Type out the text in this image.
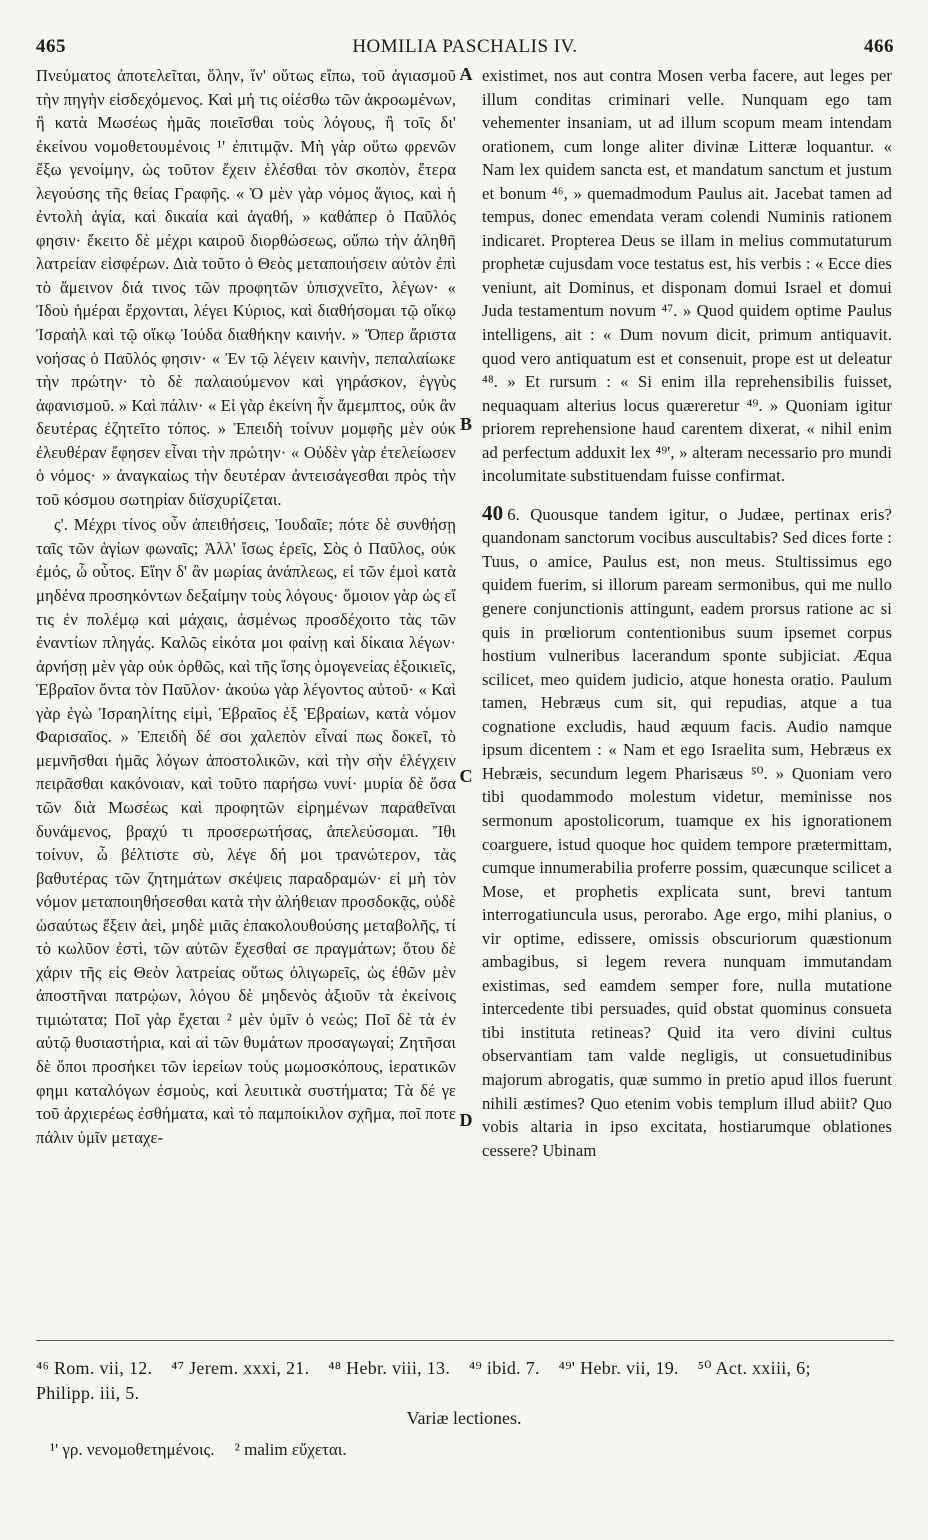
465	HOMILIA PASCHALIS IV.	466

Πνεύματος ἀποτελεῖται, ὅλην, ἵν' οὕτως εἴπω, τοῦ ἁγιασμοῦ τὴν πηγὴν εἰσδεχόμενος. Καὶ μή τις οἰέσθω τῶν ἀκροωμένων, ἢ κατὰ Μωσέως ἡμᾶς ποιεῖσθαι τοὺς λόγους, ἢ τοῖς δι' ἐκείνου νομοθετουμένοις ¹' ἐπιτιμᾷν. Μὴ γὰρ οὕτω φρενῶν ἔξω γενοίμην, ὡς τοῦτον ἔχειν ἑλέσθαι τὸν σκοπὸν, ἕτερα λεγούσης τῆς θείας Γραφῆς. « Ὁ μὲν γὰρ νόμος ἅγιος, καὶ ἡ ἐντολὴ ἁγία, καὶ δικαία καὶ ἀγαθή, » καθάπερ ὁ Παῦλός φησιν· ἔκειτο δὲ μέχρι καιροῦ διορθώσεως, οὔπω τὴν ἀληθῆ λατρείαν εἰσφέρων. Διὰ τοῦτο ὁ Θεὸς μεταποιήσειν αὐτὸν ἐπὶ τὸ ἄμεινον διά τινος τῶν προφητῶν ὑπισχνεῖτο, λέγων· « Ἰδοὺ ἡμέραι ἔρχονται, λέγει Κύριος, καὶ διαθήσομαι τῷ οἴκῳ Ἰσραὴλ καὶ τῷ οἴκῳ Ἰούδα διαθήκην καινήν. » Ὅπερ ἄριστα νοήσας ὁ Παῦλός φησιν· « Ἐν τῷ λέγειν καινὴν, πεπαλαίωκε τὴν πρώτην· τὸ δὲ παλαιούμενον καὶ γηράσκον, ἐγγὺς ἀφανισμοῦ. » Καὶ πάλιν· « Εἰ γὰρ ἐκείνη ἦν ἄμεμπτος, οὐκ ἂν δευτέρας ἐζητεῖτο τόπος. » Ἐπειδὴ τοίνυν μομφῆς μὲν οὐκ ἐλευθέραν ἔφησεν εἶναι τὴν πρώτην· « Οὐδὲν γὰρ ἐτελείωσεν ὁ νόμος· » ἀναγκαίως τὴν δευτέραν ἀντεισάγεσθαι πρὸς τὴν τοῦ κόσμου σωτηρίαν διϊσχυρίζεται.

ς'. Μέχρι τίνος οὖν ἀπειθήσεις, Ἰουδαῖε; πότε δὲ συνθήσῃ ταῖς τῶν ἁγίων φωναῖς; Ἀλλ' ἴσως ἐρεῖς, Σὸς ὁ Παῦλος, οὐκ ἐμός, ὦ οὗτος. Εἴην δ' ἂν μωρίας ἀνάπλεως, εἰ τῶν ἐμοὶ κατὰ μηδένα προσηκόντων δεξαίμην τοὺς λόγους· ὅμοιον γὰρ ὡς εἴ τις ἐν πολέμῳ καὶ μάχαις, ἀσμένως προσδέχοιτο τὰς τῶν ἐναντίων πληγάς. Καλῶς εἰκότα μοι φαίνῃ καὶ δίκαια λέγων· ἀρνήσῃ μὲν γὰρ οὐκ ὀρθῶς, καὶ τῆς ἴσης ὁμογενείας ἐξοικιεῖς, Ἑβραῖον ὄντα τὸν Παῦλον· ἀκούω γὰρ λέγοντος αὐτοῦ· « Καὶ γὰρ ἐγὼ Ἰσραηλίτης εἰμὶ, Ἑβραῖος ἐξ Ἑβραίων, κατὰ νόμον Φαρισαῖος. » Ἐπειδὴ δέ σοι χαλεπὸν εἶναί πως δοκεῖ, τὸ μεμνῆσθαι ἡμᾶς λόγων ἀποστολικῶν, καὶ τὴν σὴν ἐλέγχειν πειρᾶσθαι κακόνοιαν, καὶ τοῦτο παρήσω νυνί· μυρία δὲ ὅσα τῶν διὰ Μωσέως καὶ προφητῶν εἰρημένων παραθεῖναι δυνάμενος, βραχύ τι προσερωτήσας, ἀπελεύσομαι. Ἴθι τοίνυν, ὦ βέλτιστε σὺ, λέγε δή μοι τρανώτερον, τὰς βαθυτέρας τῶν ζητημάτων σκέψεις παραδραμών· εἰ μὴ τὸν νόμον μεταποιηθήσεσθαι κατὰ τὴν ἀλήθειαν προσδοκᾷς, οὐδὲ ὡσαύτως ἕξειν ἀεὶ, μηδὲ μιᾶς ἐπακολουθούσης μεταβολῆς, τί τὸ κωλῦον ἐστὶ, τῶν αὐτῶν ἔχεσθαί σε πραγμάτων; ὅτου δὲ χάριν τῆς εἰς Θεὸν λατρείας οὕτως ὀλιγωρεῖς, ὡς ἐθῶν μὲν ἀποστῆναι πατρῴων, λόγου δὲ μηδενὸς ἀξιοῦν τὰ ἐκείνοις τιμιώτατα; Ποῖ γὰρ ἔχεται ² μὲν ὑμῖν ὁ νεώς; Ποῖ δὲ τὰ ἐν αὐτῷ θυσιαστήρια, καὶ αἱ τῶν θυμάτων προσαγωγαί; Ζητῆσαι δὲ ὅποι προσήκει τῶν ἱερείων τοὺς μωμοσκόπους, ἱερατικῶν φημι καταλόγων ἐσμοὺς, καὶ λευιτικὰ συστήματα; Τὰ δέ γε τοῦ ἀρχιερέως ἐσθήματα, καὶ τὸ παμποίκιλον σχῆμα, ποῖ ποτε πάλιν ὑμῖν μεταχε-

A
B
C
D

existimet, nos aut contra Mosen verba facere, aut leges per illum conditas criminari velle. Nunquam ego tam vehementer insaniam, ut ad illum scopum meam intendam orationem, cum longe aliter divinæ Litteræ loquantur. « Nam lex quidem sancta est, et mandatum sanctum et justum et bonum ⁴⁶, » quemadmodum Paulus ait. Jacebat tamen ad tempus, donec emendata veram colendi Numinis rationem indicaret. Propterea Deus se illam in melius commutaturum prophetæ cujusdam voce testatus est, his verbis : « Ecce dies veniunt, ait Dominus, et disponam domui Israel et domui Juda testamentum novum ⁴⁷. » Quod quidem optime Paulus intelligens, ait : « Dum novum dicit, primum antiquavit. quod vero antiquatum est et consenuit, prope est ut deleatur ⁴⁸. » Et rursum : « Si enim illa reprehensibilis fuisset, nequaquam alterius locus quæreretur ⁴⁹. » Quoniam igitur priorem reprehensione haud carentem dixerat, « nihil enim ad perfectum adduxit lex ⁴⁹', » alteram necessario pro mundi incolumitate substituendam fuisse confirmat.

40 6. Quousque tandem igitur, o Judæe, pertinax eris? quandonam sanctorum vocibus auscultabis? Sed dices forte : Tuus, o amice, Paulus est, non meus. Stultissimus ego quidem fuerim, si illorum paream sermonibus, qui me nullo genere conjunctionis attingunt, eadem prorsus ratione ac si quis in prœliorum contentionibus suum ipsemet corpus hostium vulneribus lacerandum sponte subjiciat. Æqua scilicet, meo quidem judicio, atque honesta oratio. Paulum tamen, Hebræus cum sit, qui repudias, atque a tua cognatione excludis, haud æquum facis. Audio namque ipsum dicentem : « Nam et ego Israelita sum, Hebræus ex Hebræis, secundum legem Pharisæus ⁵⁰. » Quoniam vero tibi quodammodo molestum videtur, meminisse nos sermonum apostolicorum, tuamque ex his ignorationem coarguere, istud quoque hoc quidem tempore prætermittam, cumque innumerabilia proferre possim, quæcunque scilicet a Mose, et prophetis explicata sunt, brevi tantum interrogatiuncula usus, perorabo. Age ergo, mihi planius, o vir optime, edissere, omissis obscuriorum quæstionum ambagibus, si legem revera nunquam immutandam existimas, sed eamdem semper fore, nulla mutatione intercedente tibi persuades, quid obstat quominus consueta tibi instituta retineas? Quid ita vero divini cultus observantiam tam valde negligis, ut consuetudinibus majorum abrogatis, quæ summo in pretio apud illos fuerunt nihili æstimes? Quo etenim vobis templum illud abiit? Quo vobis altaria in ipso excitata, hostiarumque oblationes cessere? Ubinam

⁴⁶ Rom. vii, 12. ⁴⁷ Jerem. xxxi, 21. ⁴⁸ Hebr. viii, 13. ⁴⁹ ibid. 7. ⁴⁹' Hebr. vii, 19. ⁵⁰ Act. xxiii, 6; Philipp. iii, 5.
Variæ lectiones.
¹' γρ. νενομοθετημένοις. ² malim εὔχεται.
